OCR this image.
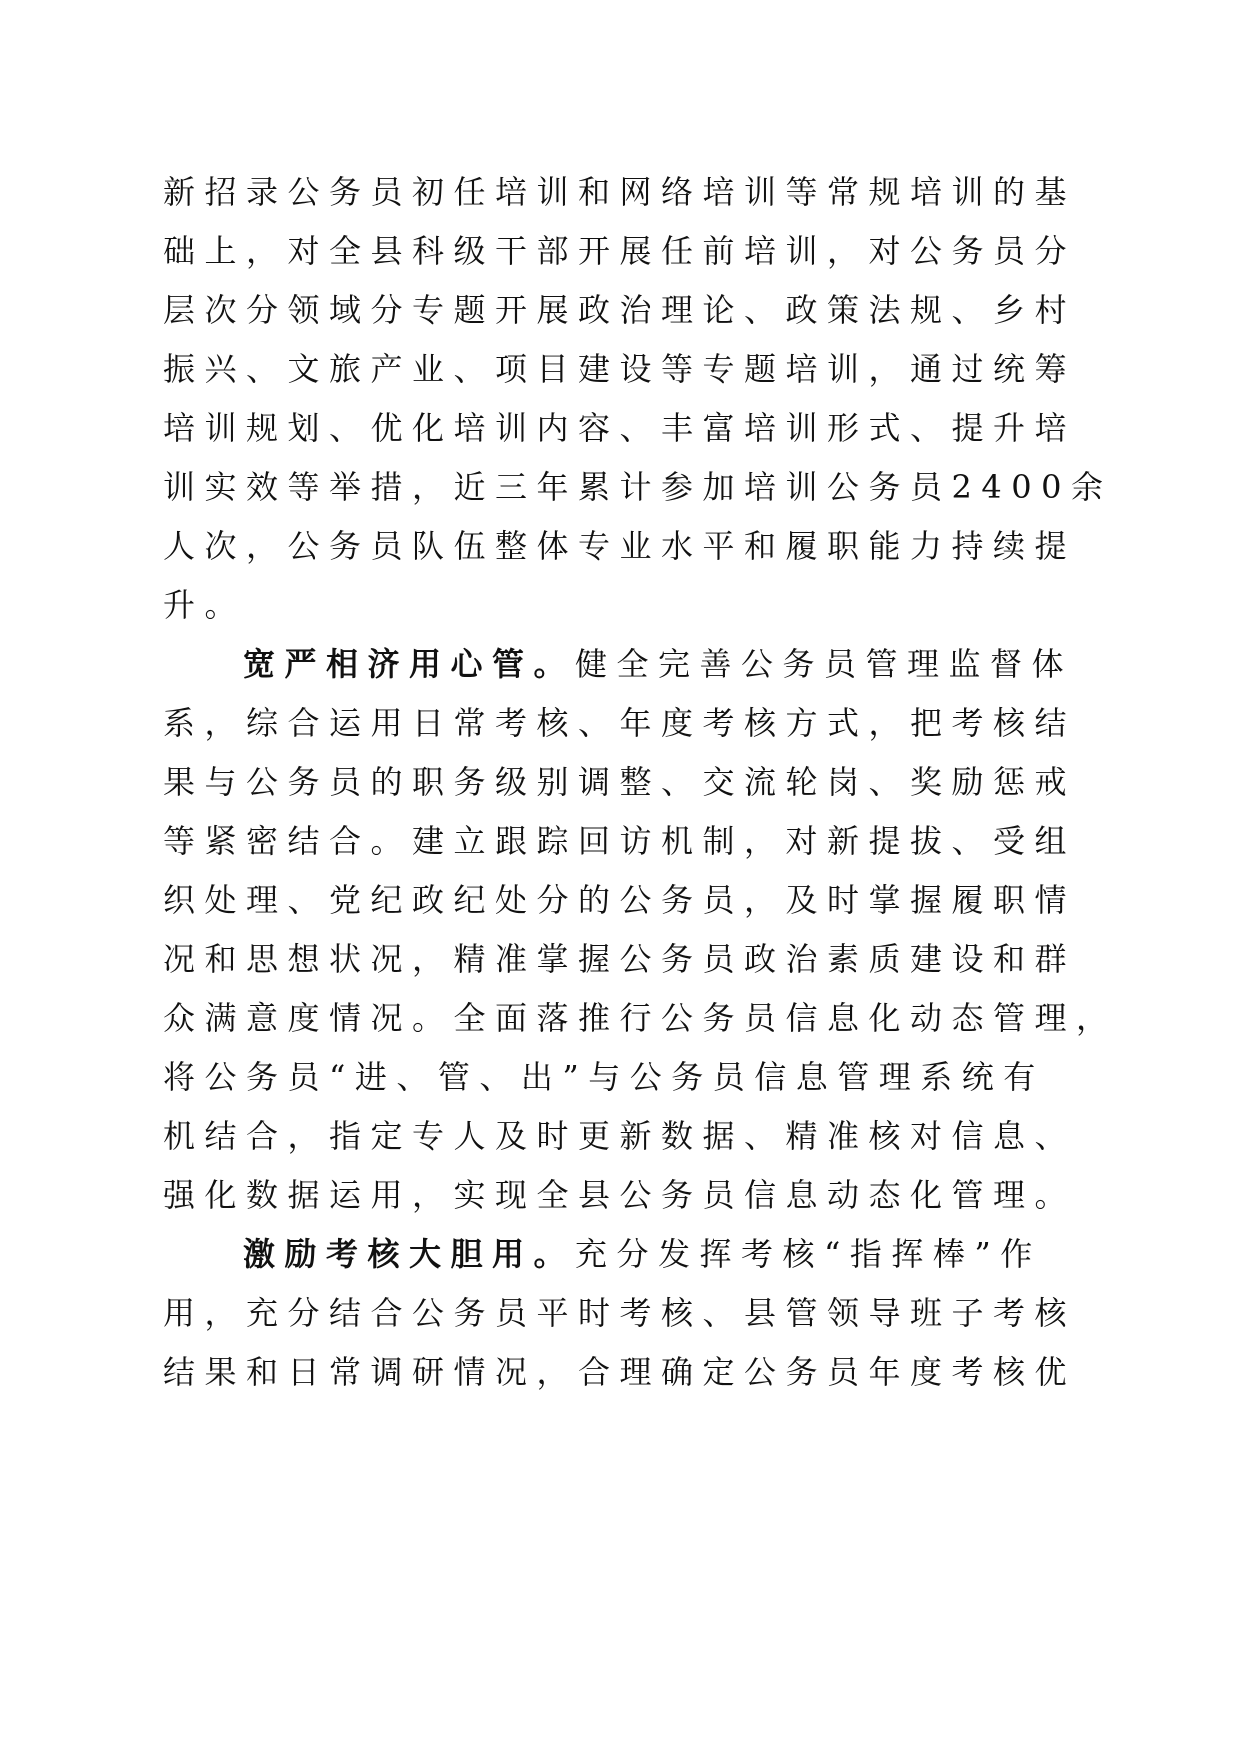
新招录公务员初任培训和网络培训等常规培训的基
础上，对全县科级干部开展任前培训，对公务员分
层次分领域分专题开展政治理论、政策法规、乡村
振兴、文旅产业、项目建设等专题培训，通过统筹
培训规划、优化培训内容、丰富培训形式、提升培
训实效等举措，近三年累计参加培训公务员2400余
人次，公务员队伍整体专业水平和履职能力持续提
升。
宽严相济用心管。健全完善公务员管理监督体
系，综合运用日常考核、年度考核方式，把考核结
果与公务员的职务级别调整、交流轮岗、奖励惩戒
等紧密结合。建立跟踪回访机制，对新提拔、受组
织处理、党纪政纪处分的公务员，及时掌握履职情
况和思想状况，精准掌握公务员政治素质建设和群
众满意度情况。全面落推行公务员信息化动态管理，
将公务员“进、管、出”与公务员信息管理系统有
机结合，指定专人及时更新数据、精准核对信息、
强化数据运用，实现全县公务员信息动态化管理。
激励考核大胆用。充分发挥考核“指挥棒”作
用，充分结合公务员平时考核、县管领导班子考核
结果和日常调研情况，合理确定公务员年度考核优
